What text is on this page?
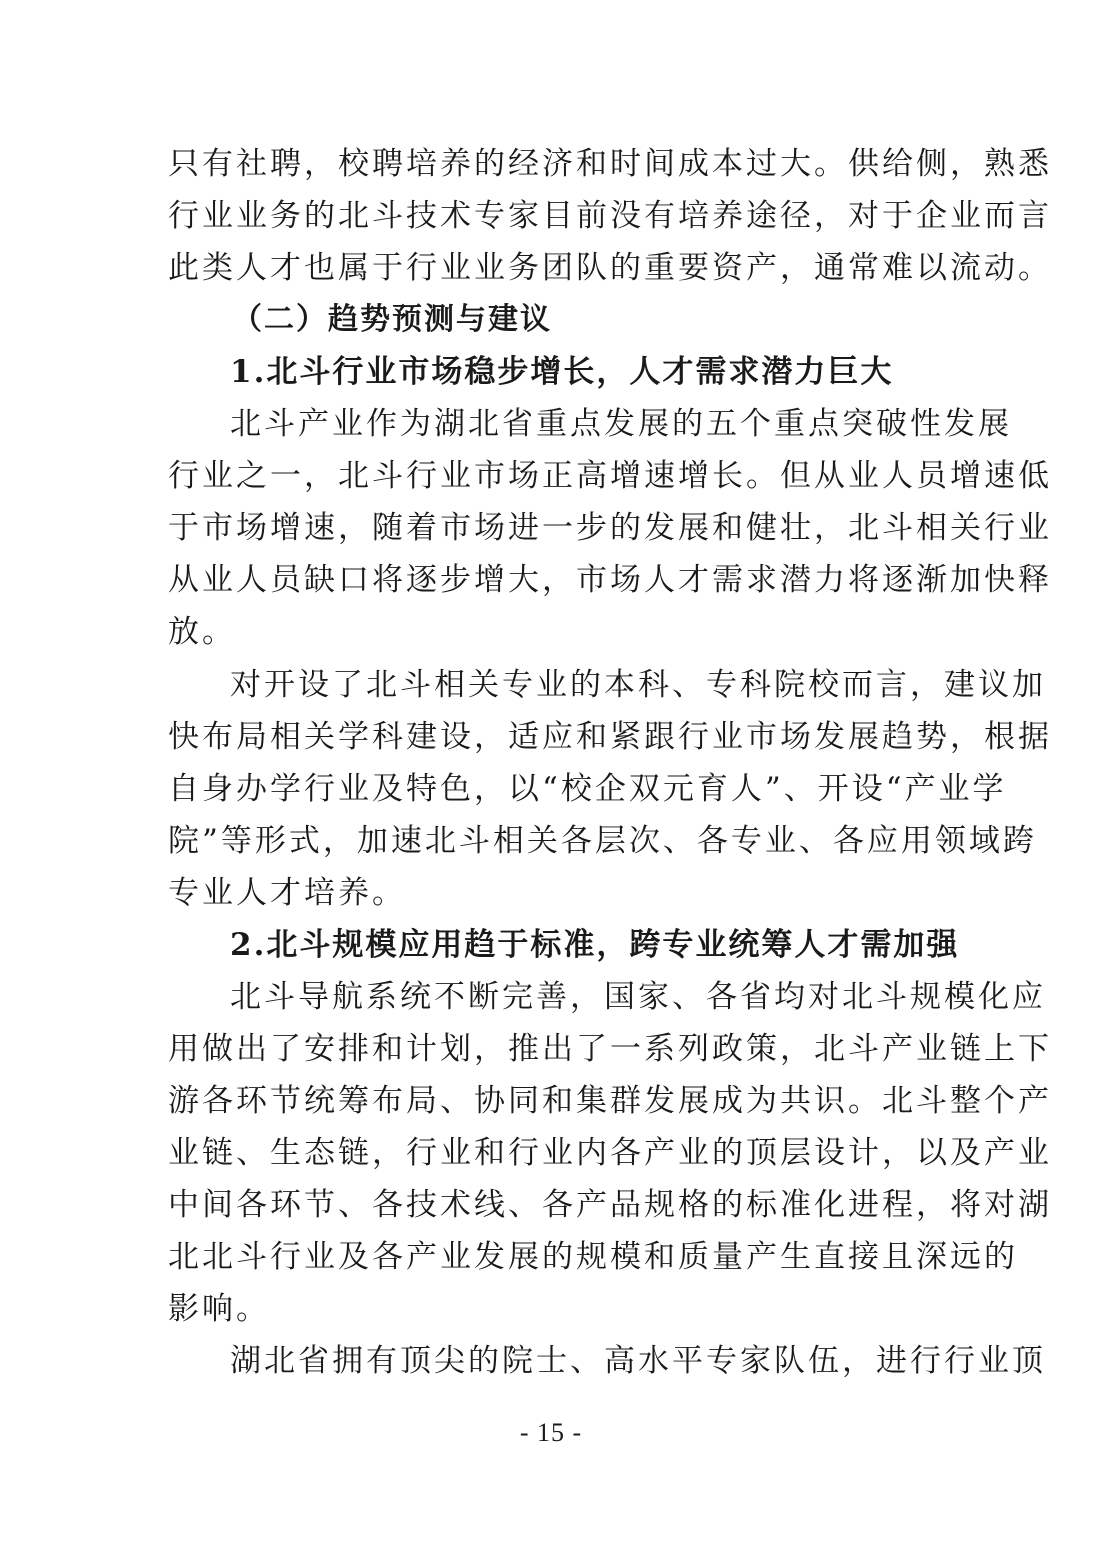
只有社聘，校聘培养的经济和时间成本过大。供给侧，熟悉
行业业务的北斗技术专家目前没有培养途径，对于企业而言
此类人才也属于行业业务团队的重要资产，通常难以流动。
（二）趋势预测与建议
1.北斗行业市场稳步增长，人才需求潜力巨大
北斗产业作为湖北省重点发展的五个重点突破性发展
行业之一，北斗行业市场正高增速增长。但从业人员增速低
于市场增速，随着市场进一步的发展和健壮，北斗相关行业
从业人员缺口将逐步增大，市场人才需求潜力将逐渐加快释
放。
对开设了北斗相关专业的本科、专科院校而言，建议加
快布局相关学科建设，适应和紧跟行业市场发展趋势，根据
自身办学行业及特色，以“校企双元育人”、开设“产业学
院”等形式，加速北斗相关各层次、各专业、各应用领域跨
专业人才培养。
2.北斗规模应用趋于标准，跨专业统筹人才需加强
北斗导航系统不断完善，国家、各省均对北斗规模化应
用做出了安排和计划，推出了一系列政策，北斗产业链上下
游各环节统筹布局、协同和集群发展成为共识。北斗整个产
业链、生态链，行业和行业内各产业的顶层设计，以及产业
中间各环节、各技术线、各产品规格的标准化进程，将对湖
北北斗行业及各产业发展的规模和质量产生直接且深远的
影响。
湖北省拥有顶尖的院士、高水平专家队伍，进行行业顶
- 15 -
